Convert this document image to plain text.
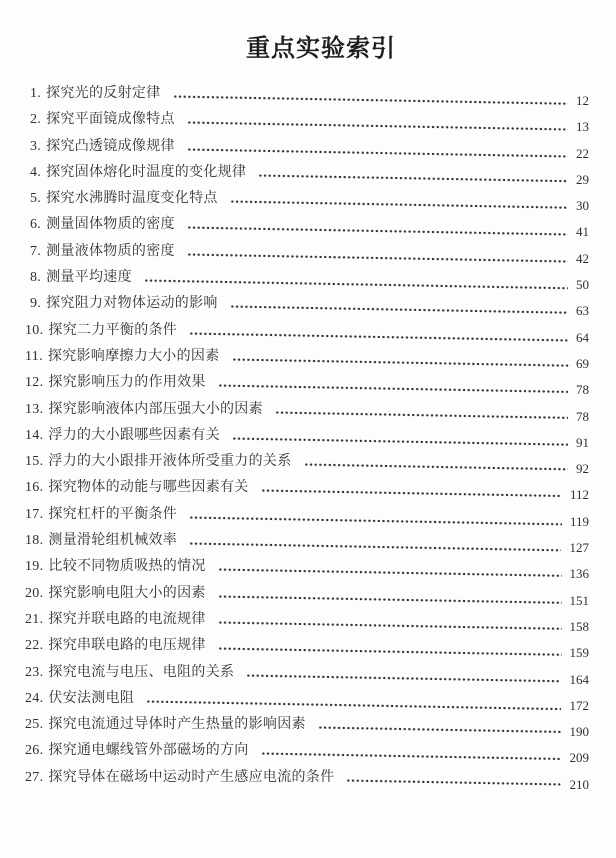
重点实验索引
1. 探究光的反射定律	12
2. 探究平面镜成像特点	13
3. 探究凸透镜成像规律	22
4. 探究固体熔化时温度的变化规律	29
5. 探究水沸腾时温度变化特点	30
6. 测量固体物质的密度	41
7. 测量液体物质的密度	42
8. 测量平均速度	50
9. 探究阻力对物体运动的影响	63
10. 探究二力平衡的条件	64
11. 探究影响摩擦力大小的因素	69
12. 探究影响压力的作用效果	78
13. 探究影响液体内部压强大小的因素	78
14. 浮力的大小跟哪些因素有关	91
15. 浮力的大小跟排开液体所受重力的关系	92
16. 探究物体的动能与哪些因素有关	112
17. 探究杠杆的平衡条件	119
18. 测量滑轮组机械效率	127
19. 比较不同物质吸热的情况	136
20. 探究影响电阻大小的因素	151
21. 探究并联电路的电流规律	158
22. 探究串联电路的电压规律	159
23. 探究电流与电压、电阻的关系	164
24. 伏安法测电阻	172
25. 探究电流通过导体时产生热量的影响因素	190
26. 探究通电螺线管外部磁场的方向	209
27. 探究导体在磁场中运动时产生感应电流的条件	210
